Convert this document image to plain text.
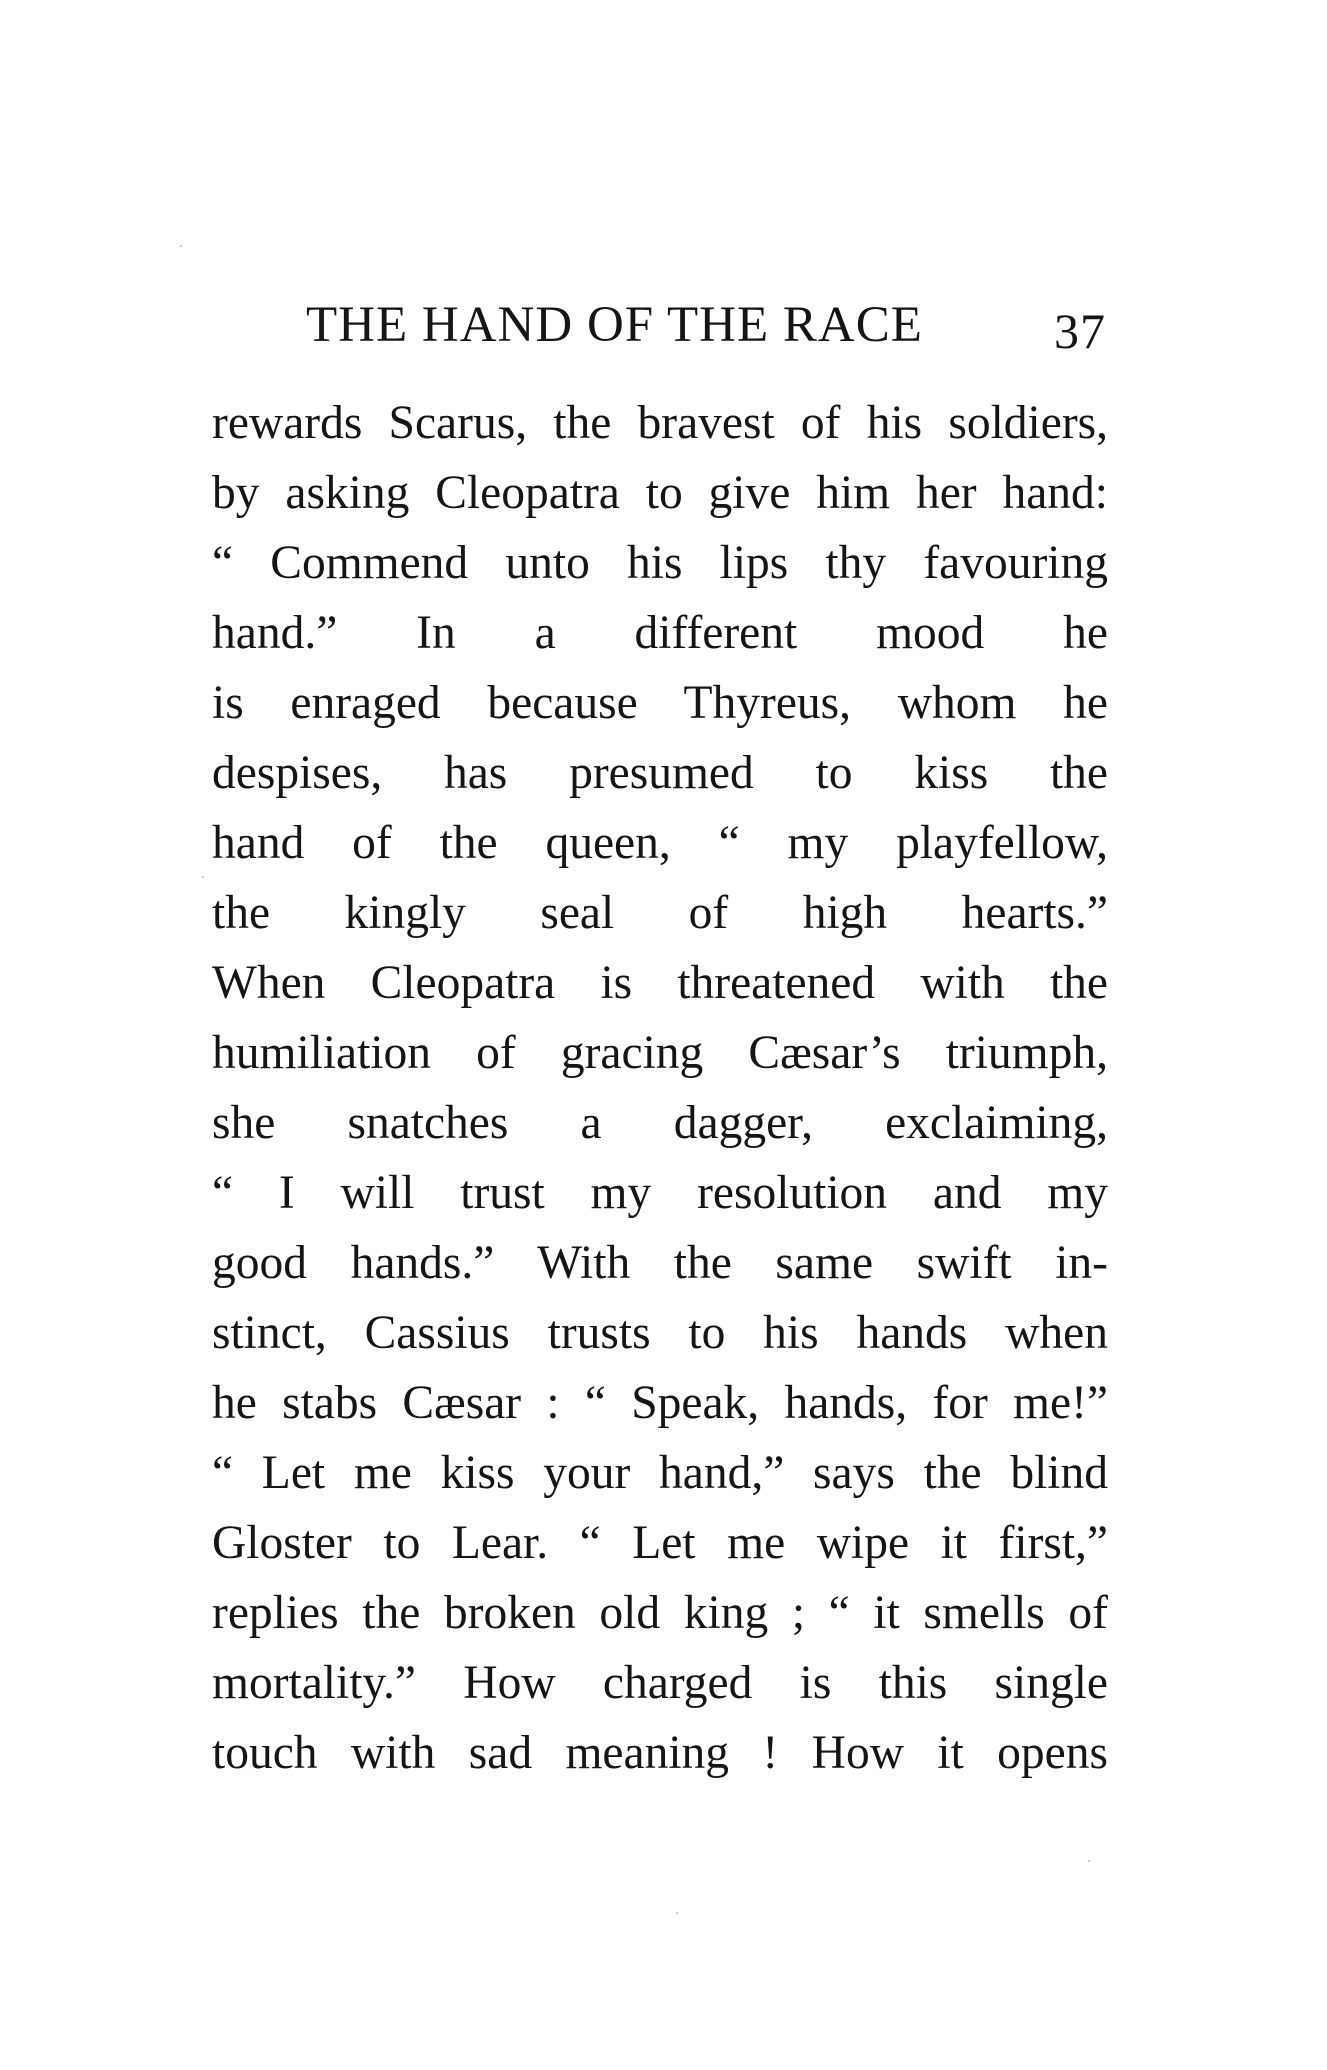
THE HAND OF THE RACE	37
rewards Scarus, the bravest of his soldiers,
by asking Cleopatra to give him her hand:
“ Commend unto his lips thy favouring
hand.” In a different mood he
is enraged because Thyreus, whom he
despises, has presumed to kiss the
hand of the queen, “ my playfellow,
the kingly seal of high hearts.”
When Cleopatra is threatened with the
humiliation of gracing Cæsar’s triumph,
she snatches a dagger, exclaiming,
“ I will trust my resolution and my
good hands.” With the same swift in-
stinct, Cassius trusts to his hands when
he stabs Cæsar : “ Speak, hands, for me!”
“ Let me kiss your hand,” says the blind
Gloster to Lear. “ Let me wipe it first,”
replies the broken old king ; “ it smells of
mortality.” How charged is this single
touch with sad meaning ! How it opens
